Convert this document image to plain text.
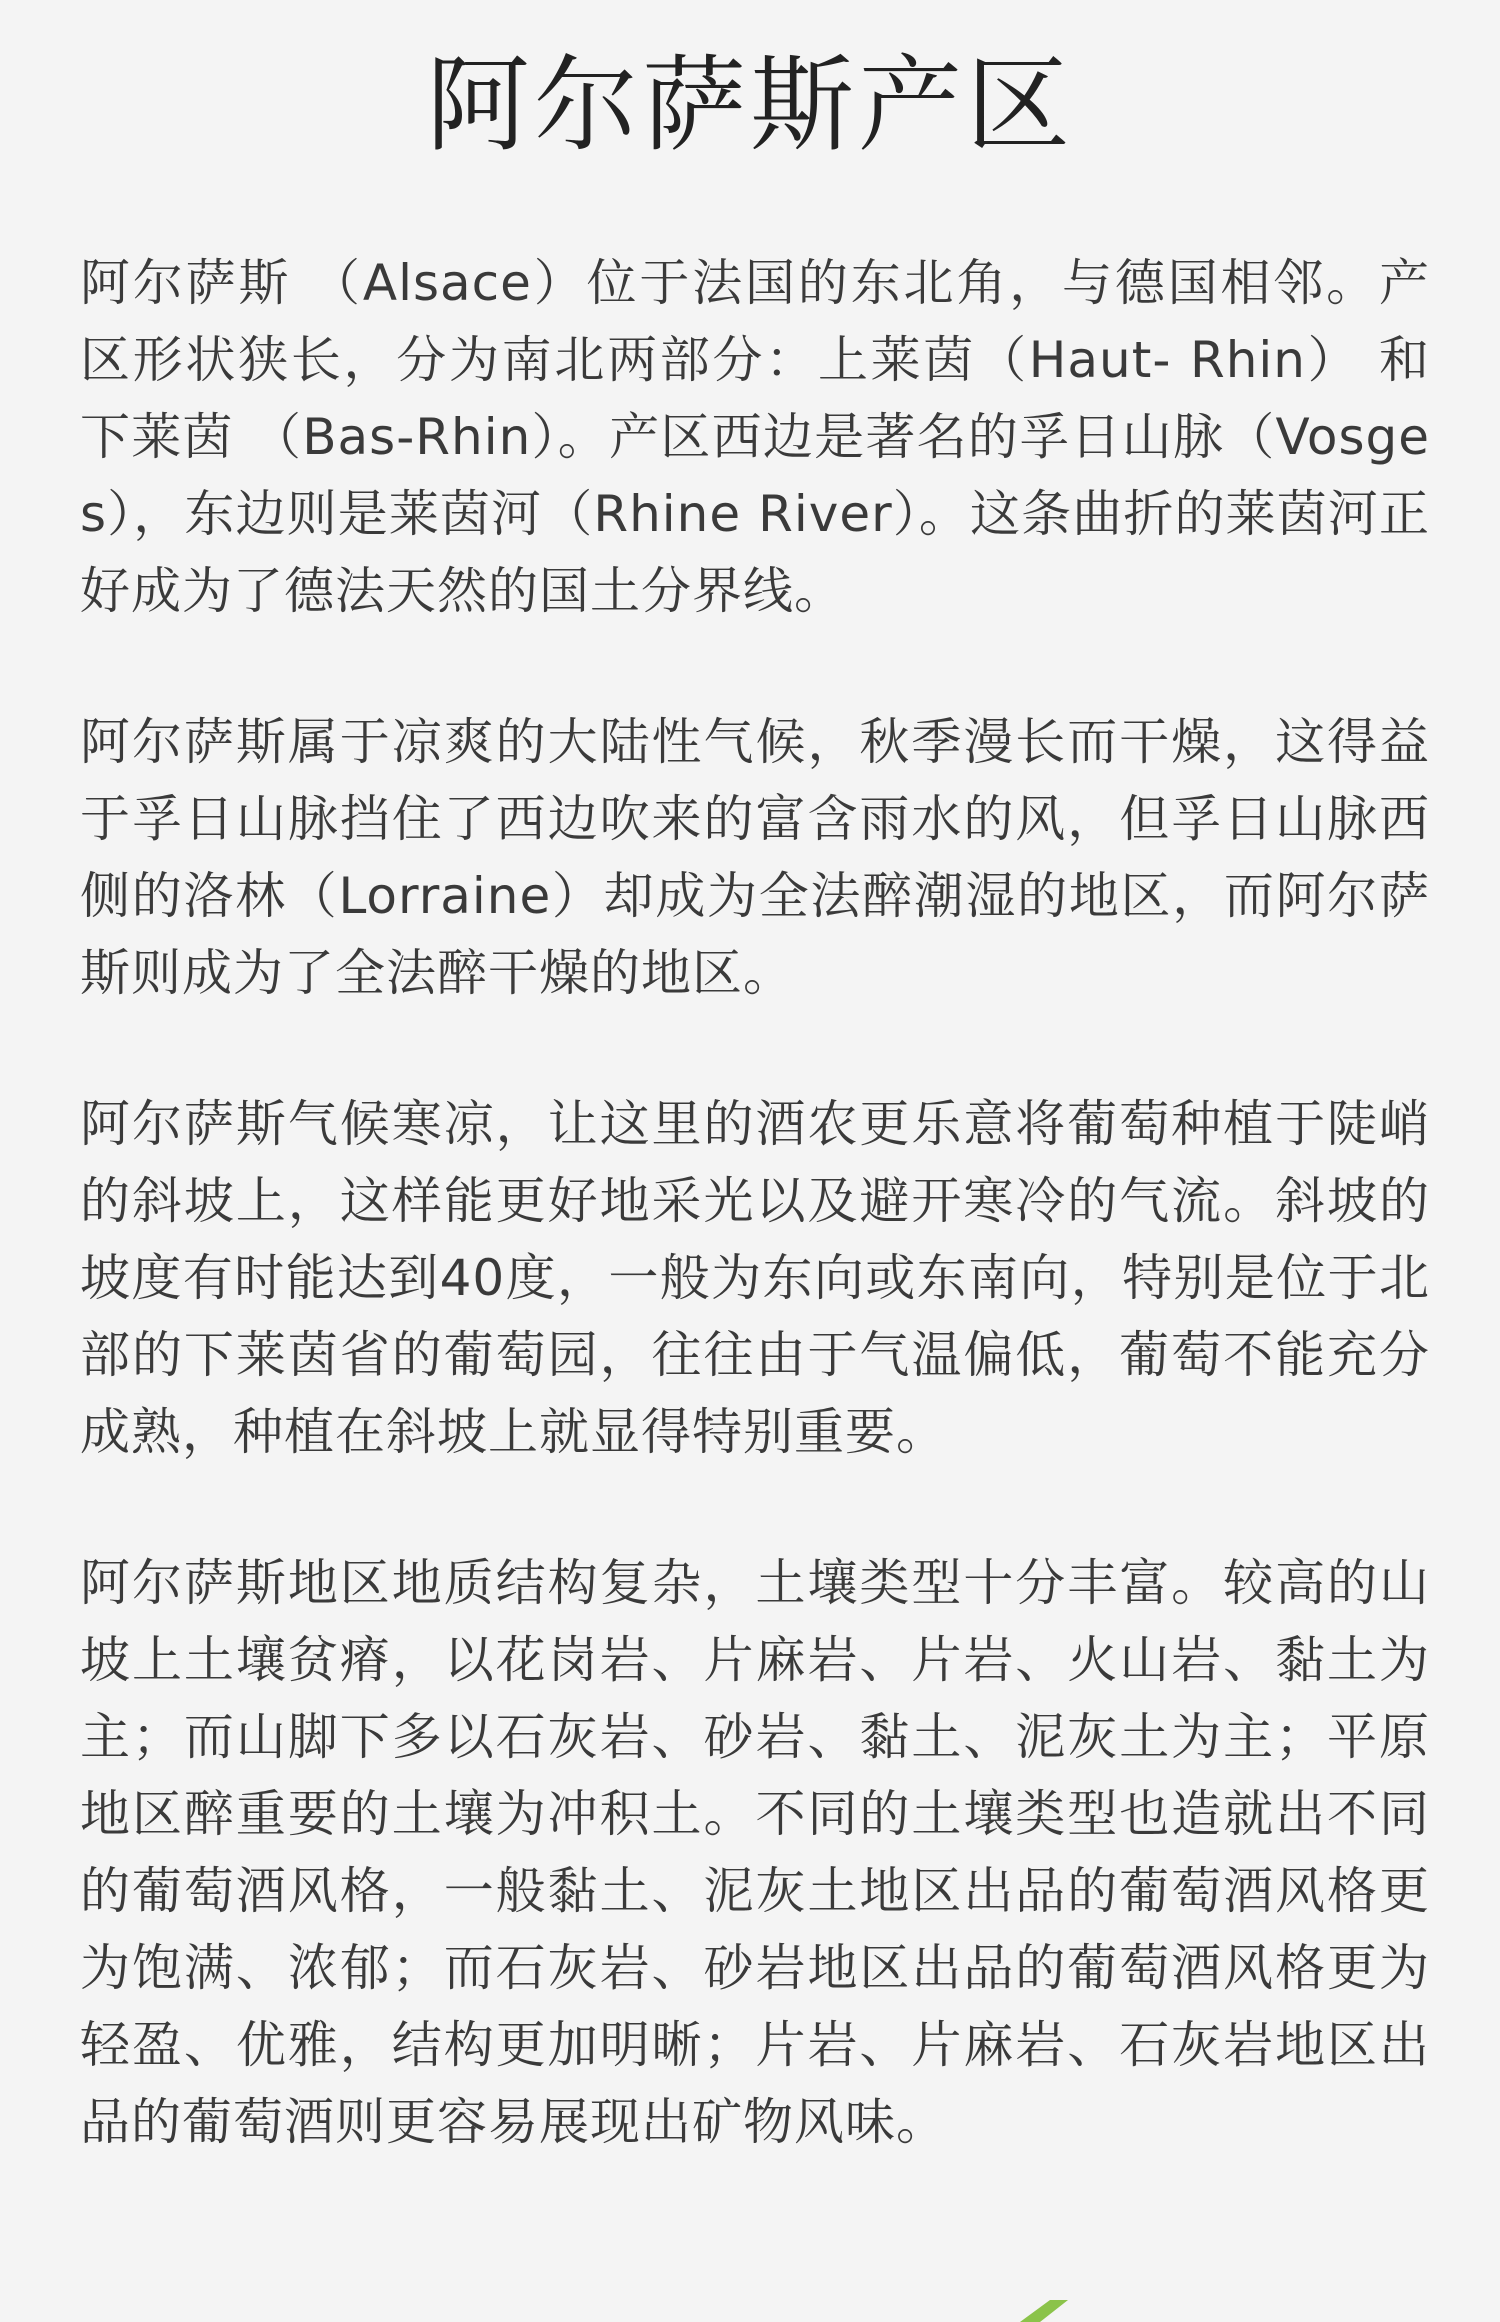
阿尔萨斯产区

阿尔萨斯 （Alsace）位于法国的东北角，与德国相邻。产区形状狭长，分为南北两部分：上莱茵（Haut- Rhin） 和下莱茵 （Bas-Rhin）。产区西边是著名的孚日山脉（Vosges），东边则是莱茵河（Rhine River）。这条曲折的莱茵河正好成为了德法天然的国土分界线。

阿尔萨斯属于凉爽的大陆性气候，秋季漫长而干燥，这得益于孚日山脉挡住了西边吹来的富含雨水的风，但孚日山脉西侧的洛林（Lorraine）却成为全法醉潮湿的地区，而阿尔萨斯则成为了全法醉干燥的地区。

阿尔萨斯气候寒凉，让这里的酒农更乐意将葡萄种植于陡峭的斜坡上，这样能更好地采光以及避开寒冷的气流。斜坡的坡度有时能达到40度，一般为东向或东南向，特别是位于北部的下莱茵省的葡萄园，往往由于气温偏低，葡萄不能充分成熟，种植在斜坡上就显得特别重要。

阿尔萨斯地区地质结构复杂，土壤类型十分丰富。较高的山坡上土壤贫瘠，以花岗岩、片麻岩、片岩、火山岩、黏土为主；而山脚下多以石灰岩、砂岩、黏土、泥灰土为主；平原地区醉重要的土壤为冲积土。不同的土壤类型也造就出不同的葡萄酒风格，一般黏土、泥灰土地区出品的葡萄酒风格更为饱满、浓郁；而石灰岩、砂岩地区出品的葡萄酒风格更为轻盈、优雅，结构更加明晰；片岩、片麻岩、石灰岩地区出品的葡萄酒则更容易展现出矿物风味。
